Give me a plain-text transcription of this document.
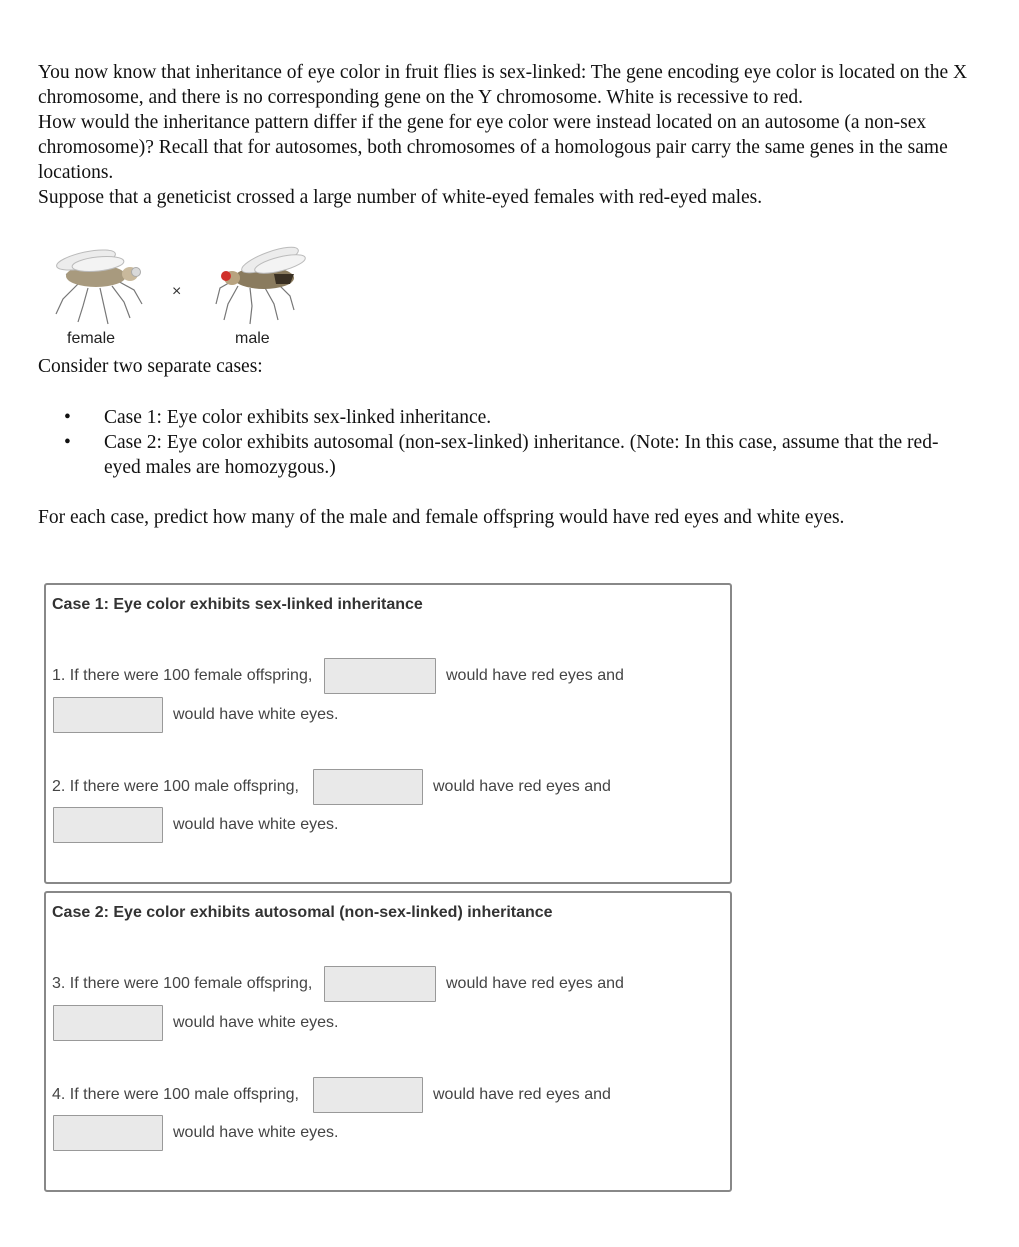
You now know that inheritance of eye color in fruit flies is sex-linked: The gene encoding eye color is located on the X chromosome, and there is no corresponding gene on the Y chromosome. White is recessive to red.

How would the inheritance pattern differ if the gene for eye color were instead located on an autosome (a non-sex chromosome)? Recall that for autosomes, both chromosomes of a homologous pair carry the same genes in the same locations.

Suppose that a geneticist crossed a large number of white-eyed females with red-eyed males.

×
female	male
Consider two separate cases:
• Case 1: Eye color exhibits sex-linked inheritance.
• Case 2: Eye color exhibits autosomal (non-sex-linked) inheritance. (Note: In this case, assume that the red-eyed males are homozygous.)
For each case, predict how many of the male and female offspring would have red eyes and white eyes.
Case 1: Eye color exhibits sex-linked inheritance
1. If there were 100 female offspring,	would have red eyes and
would have white eyes.
2. If there were 100 male offspring,	would have red eyes and
would have white eyes.
Case 2: Eye color exhibits autosomal (non-sex-linked) inheritance
3. If there were 100 female offspring,	would have red eyes and
would have white eyes.
4. If there were 100 male offspring,	would have red eyes and
would have white eyes.
